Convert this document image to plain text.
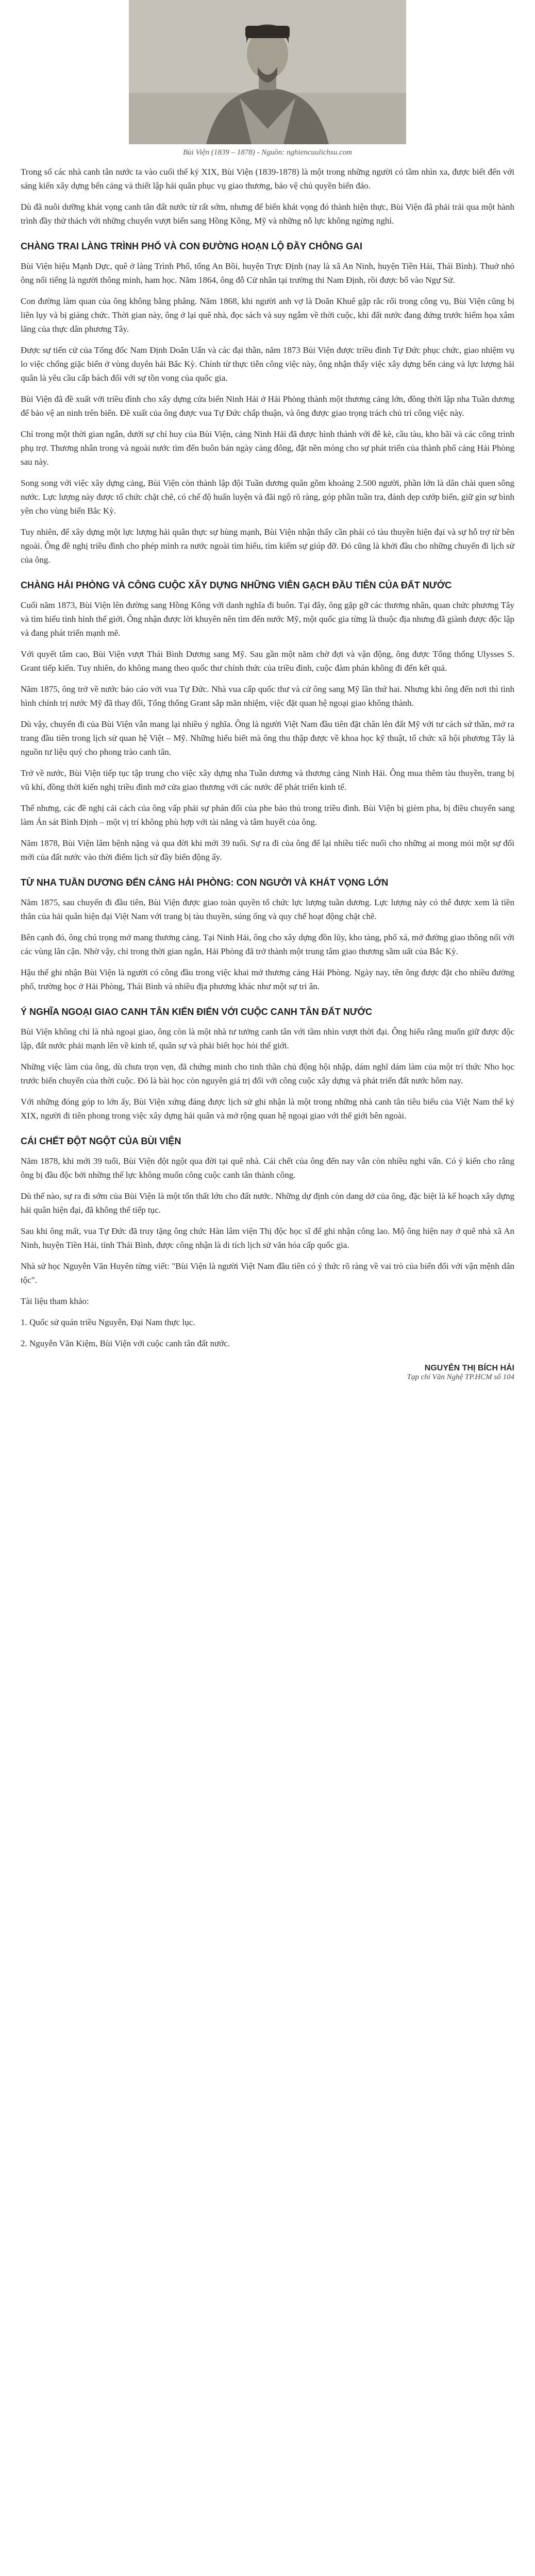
Bùi Viện (1839 – 1878) - Nguồn: nghiencuulichsu.com

Trong số các nhà canh tân nước ta vào cuối thế kỷ XIX, Bùi Viện (1839-1878) là một trong những người có tầm nhìn xa, được biết đến với sáng kiến xây dựng bến cảng và thiết lập hải quân phục vụ giao thương, bảo vệ chủ quyền biển đảo.

Dù đã nuôi dưỡng khát vọng canh tân đất nước từ rất sớm, nhưng để biến khát vọng đó thành hiện thực, Bùi Viện đã phải trải qua một hành trình đầy thử thách với những chuyến vượt biển sang Hồng Kông, Mỹ và những nỗ lực không ngừng nghỉ.

CHÀNG TRAI LÀNG TRÌNH PHỐ VÀ CON ĐƯỜNG HOẠN LỘ ĐẦY CHÔNG GAI

Bùi Viện hiệu Mạnh Dực, quê ở làng Trình Phố, tổng An Bồi, huyện Trực Định (nay là xã An Ninh, huyện Tiền Hải, Thái Bình). Thuở nhỏ ông nổi tiếng là người thông minh, ham học. Năm 1864, ông đỗ Cử nhân tại trường thi Nam Định, rồi được bổ vào Ngự Sử.

Con đường làm quan của ông không bằng phẳng. Năm 1868, khi người anh vợ là Doãn Khuê gặp rắc rối trong công vụ, Bùi Viện cũng bị liên lụy và bị giáng chức. Thời gian này, ông ở lại quê nhà, đọc sách và suy ngẫm về thời cuộc, khi đất nước đang đứng trước hiểm họa xâm lăng của thực dân phương Tây.

Được sự tiến cử của Tổng đốc Nam Định Doãn Uẩn và các đại thần, năm 1873 Bùi Viện được triều đình Tự Đức phục chức, giao nhiệm vụ lo việc chống giặc biển ở vùng duyên hải Bắc Kỳ. Chính từ thực tiễn công việc này, ông nhận thấy việc xây dựng bến cảng và lực lượng hải quân là yêu cầu cấp bách đối với sự tồn vong của quốc gia.

Bùi Viện đã đề xuất với triều đình cho xây dựng cửa biển Ninh Hải ở Hải Phòng thành một thương cảng lớn, đồng thời lập nha Tuần dương để bảo vệ an ninh trên biển. Đề xuất của ông được vua Tự Đức chấp thuận, và ông được giao trọng trách chủ trì công việc này.

Chỉ trong một thời gian ngắn, dưới sự chỉ huy của Bùi Viện, cảng Ninh Hải đã được hình thành với đê kè, cầu tàu, kho bãi và các công trình phụ trợ. Thương nhân trong và ngoài nước tìm đến buôn bán ngày càng đông, đặt nền móng cho sự phát triển của thành phố cảng Hải Phòng sau này.

Song song với việc xây dựng cảng, Bùi Viện còn thành lập đội Tuần dương quân gồm khoảng 2.500 người, phần lớn là dân chài quen sông nước. Lực lượng này được tổ chức chặt chẽ, có chế độ huấn luyện và đãi ngộ rõ ràng, góp phần tuần tra, đánh dẹp cướp biển, giữ gìn sự bình yên cho vùng biển Bắc Kỳ.

Tuy nhiên, để xây dựng một lực lượng hải quân thực sự hùng mạnh, Bùi Viện nhận thấy cần phải có tàu thuyền hiện đại và sự hỗ trợ từ bên ngoài. Ông đề nghị triều đình cho phép mình ra nước ngoài tìm hiểu, tìm kiếm sự giúp đỡ. Đó cũng là khởi đầu cho những chuyến đi lịch sử của ông.

CHÀNG HẢI PHÒNG VÀ CÔNG CUỘC XÂY DỰNG NHỮNG VIÊN GẠCH ĐẦU TIÊN CỦA ĐẤT NƯỚC

Cuối năm 1873, Bùi Viện lên đường sang Hồng Kông với danh nghĩa đi buôn. Tại đây, ông gặp gỡ các thương nhân, quan chức phương Tây và tìm hiểu tình hình thế giới. Ông nhận được lời khuyên nên tìm đến nước Mỹ, một quốc gia từng là thuộc địa nhưng đã giành được độc lập và đang phát triển mạnh mẽ.

Với quyết tâm cao, Bùi Viện vượt Thái Bình Dương sang Mỹ. Sau gần một năm chờ đợi và vận động, ông được Tổng thống Ulysses S. Grant tiếp kiến. Tuy nhiên, do không mang theo quốc thư chính thức của triều đình, cuộc đàm phán không đi đến kết quả.

Năm 1875, ông trở về nước báo cáo với vua Tự Đức. Nhà vua cấp quốc thư và cử ông sang Mỹ lần thứ hai. Nhưng khi ông đến nơi thì tình hình chính trị nước Mỹ đã thay đổi, Tổng thống Grant sắp mãn nhiệm, việc đặt quan hệ ngoại giao không thành.

Dù vậy, chuyến đi của Bùi Viện vẫn mang lại nhiều ý nghĩa. Ông là người Việt Nam đầu tiên đặt chân lên đất Mỹ với tư cách sứ thần, mở ra trang đầu tiên trong lịch sử quan hệ Việt – Mỹ. Những hiểu biết mà ông thu thập được về khoa học kỹ thuật, tổ chức xã hội phương Tây là nguồn tư liệu quý cho phong trào canh tân.

Trở về nước, Bùi Viện tiếp tục tập trung cho việc xây dựng nha Tuần dương và thương cảng Ninh Hải. Ông mua thêm tàu thuyền, trang bị vũ khí, đồng thời kiến nghị triều đình mở cửa giao thương với các nước để phát triển kinh tế.

Thế nhưng, các đề nghị cải cách của ông vấp phải sự phản đối của phe bảo thủ trong triều đình. Bùi Viện bị gièm pha, bị điều chuyển sang làm Án sát Bình Định – một vị trí không phù hợp với tài năng và tâm huyết của ông.

Năm 1878, Bùi Viện lâm bệnh nặng và qua đời khi mới 39 tuổi. Sự ra đi của ông để lại nhiều tiếc nuối cho những ai mong mỏi một sự đổi mới của đất nước vào thời điểm lịch sử đầy biến động ấy.

TỪ NHA TUẦN DƯƠNG ĐẾN CẢNG HẢI PHÒNG: CON NGƯỜI VÀ KHÁT VỌNG LỚN

Năm 1875, sau chuyến đi đầu tiên, Bùi Viện được giao toàn quyền tổ chức lực lượng tuần dương. Lực lượng này có thể được xem là tiền thân của hải quân hiện đại Việt Nam với trang bị tàu thuyền, súng ống và quy chế hoạt động chặt chẽ.

Bên cạnh đó, ông chú trọng mở mang thương cảng. Tại Ninh Hải, ông cho xây dựng đồn lũy, kho tàng, phố xá, mở đường giao thông nối với các vùng lân cận. Nhờ vậy, chỉ trong thời gian ngắn, Hải Phòng đã trở thành một trung tâm giao thương sầm uất của Bắc Kỳ.

Hậu thế ghi nhận Bùi Viện là người có công đầu trong việc khai mở thương cảng Hải Phòng. Ngày nay, tên ông được đặt cho nhiều đường phố, trường học ở Hải Phòng, Thái Bình và nhiều địa phương khác như một sự tri ân.

Ý NGHĨA NGOẠI GIAO CANH TÂN KIẾN ĐIỂN VỚI CUỘC CANH TÂN ĐẤT NƯỚC

Bùi Viện không chỉ là nhà ngoại giao, ông còn là một nhà tư tưởng canh tân với tầm nhìn vượt thời đại. Ông hiểu rằng muốn giữ được độc lập, đất nước phải mạnh lên về kinh tế, quân sự và phải biết học hỏi thế giới.

Những việc làm của ông, dù chưa trọn vẹn, đã chứng minh cho tinh thần chủ động hội nhập, dám nghĩ dám làm của một trí thức Nho học trước biến chuyển của thời cuộc. Đó là bài học còn nguyên giá trị đối với công cuộc xây dựng và phát triển đất nước hôm nay.

Với những đóng góp to lớn ấy, Bùi Viện xứng đáng được lịch sử ghi nhận là một trong những nhà canh tân tiêu biểu của Việt Nam thế kỷ XIX, người đi tiên phong trong việc xây dựng hải quân và mở rộng quan hệ ngoại giao với thế giới bên ngoài.

CÁI CHẾT ĐỘT NGỘT CỦA BÙI VIỆN

Năm 1878, khi mới 39 tuổi, Bùi Viện đột ngột qua đời tại quê nhà. Cái chết của ông đến nay vẫn còn nhiều nghi vấn. Có ý kiến cho rằng ông bị đầu độc bởi những thế lực không muốn công cuộc canh tân thành công.

Dù thế nào, sự ra đi sớm của Bùi Viện là một tổn thất lớn cho đất nước. Những dự định còn dang dở của ông, đặc biệt là kế hoạch xây dựng hải quân hiện đại, đã không thể tiếp tục.

Sau khi ông mất, vua Tự Đức đã truy tặng ông chức Hàn lâm viện Thị độc học sĩ để ghi nhận công lao. Mộ ông hiện nay ở quê nhà xã An Ninh, huyện Tiền Hải, tỉnh Thái Bình, được công nhận là di tích lịch sử văn hóa cấp quốc gia.

Nhà sử học Nguyễn Văn Huyên từng viết: "Bùi Viện là người Việt Nam đầu tiên có ý thức rõ ràng về vai trò của biển đối với vận mệnh dân tộc".

Tài liệu tham khảo:

1. Quốc sử quán triều Nguyễn, Đại Nam thực lục.

2. Nguyễn Văn Kiệm, Bùi Viện với cuộc canh tân đất nước.

NGUYỄN THỊ BÍCH HẢI
Tạp chí Văn Nghệ TP.HCM số 104
